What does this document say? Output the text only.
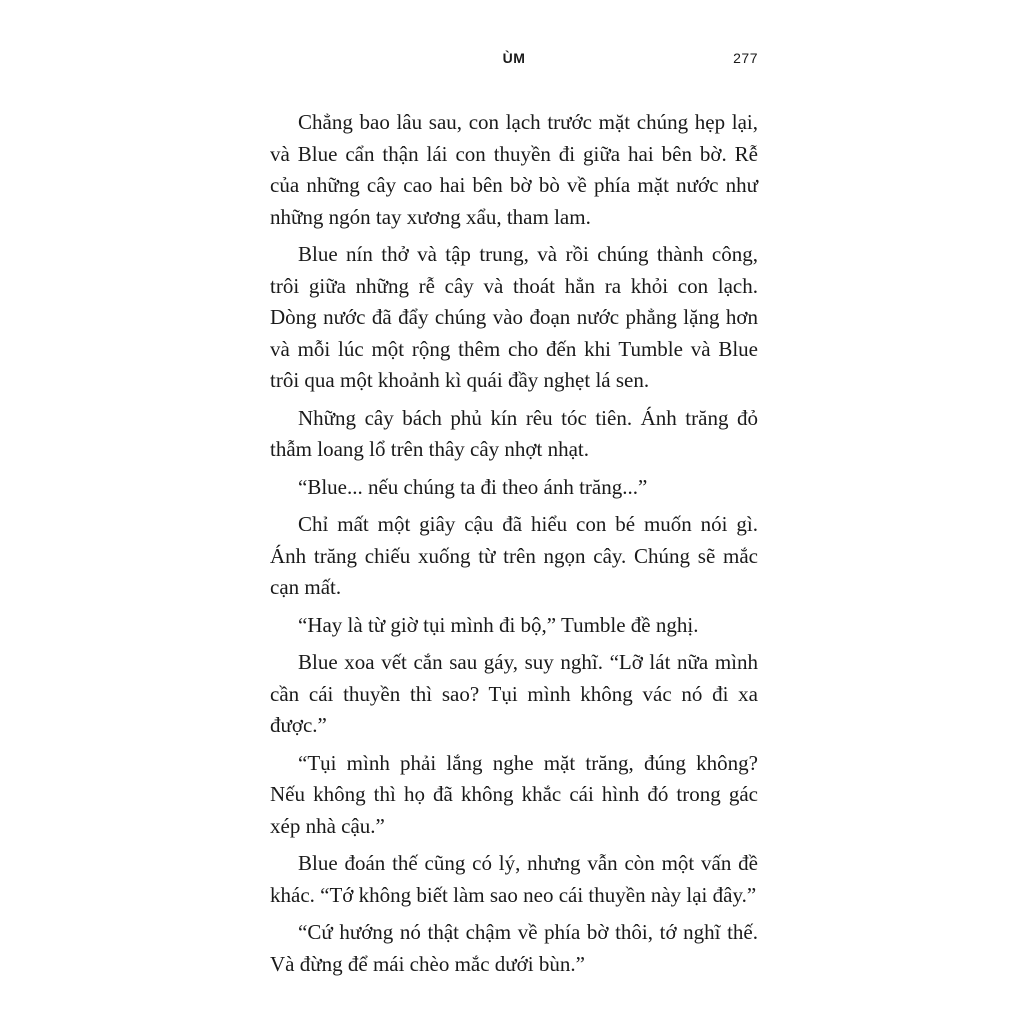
ÙM	277

Chẳng bao lâu sau, con lạch trước mặt chúng hẹp lại, và Blue cẩn thận lái con thuyền đi giữa hai bên bờ. Rễ của những cây cao hai bên bờ bò về phía mặt nước như những ngón tay xương xẩu, tham lam.

Blue nín thở và tập trung, và rồi chúng thành công, trôi giữa những rễ cây và thoát hẳn ra khỏi con lạch. Dòng nước đã đẩy chúng vào đoạn nước phẳng lặng hơn và mỗi lúc một rộng thêm cho đến khi Tumble và Blue trôi qua một khoảnh kì quái đầy nghẹt lá sen.

Những cây bách phủ kín rêu tóc tiên. Ánh trăng đỏ thẫm loang lổ trên thây cây nhợt nhạt.

“Blue... nếu chúng ta đi theo ánh trăng...”

Chỉ mất một giây cậu đã hiểu con bé muốn nói gì. Ánh trăng chiếu xuống từ trên ngọn cây. Chúng sẽ mắc cạn mất.

“Hay là từ giờ tụi mình đi bộ,” Tumble đề nghị.

Blue xoa vết cắn sau gáy, suy nghĩ. “Lỡ lát nữa mình cần cái thuyền thì sao? Tụi mình không vác nó đi xa được.”

“Tụi mình phải lắng nghe mặt trăng, đúng không? Nếu không thì họ đã không khắc cái hình đó trong gác xép nhà cậu.”

Blue đoán thế cũng có lý, nhưng vẫn còn một vấn đề khác. “Tớ không biết làm sao neo cái thuyền này lại đây.”

“Cứ hướng nó thật chậm về phía bờ thôi, tớ nghĩ thế. Và đừng để mái chèo mắc dưới bùn.”
